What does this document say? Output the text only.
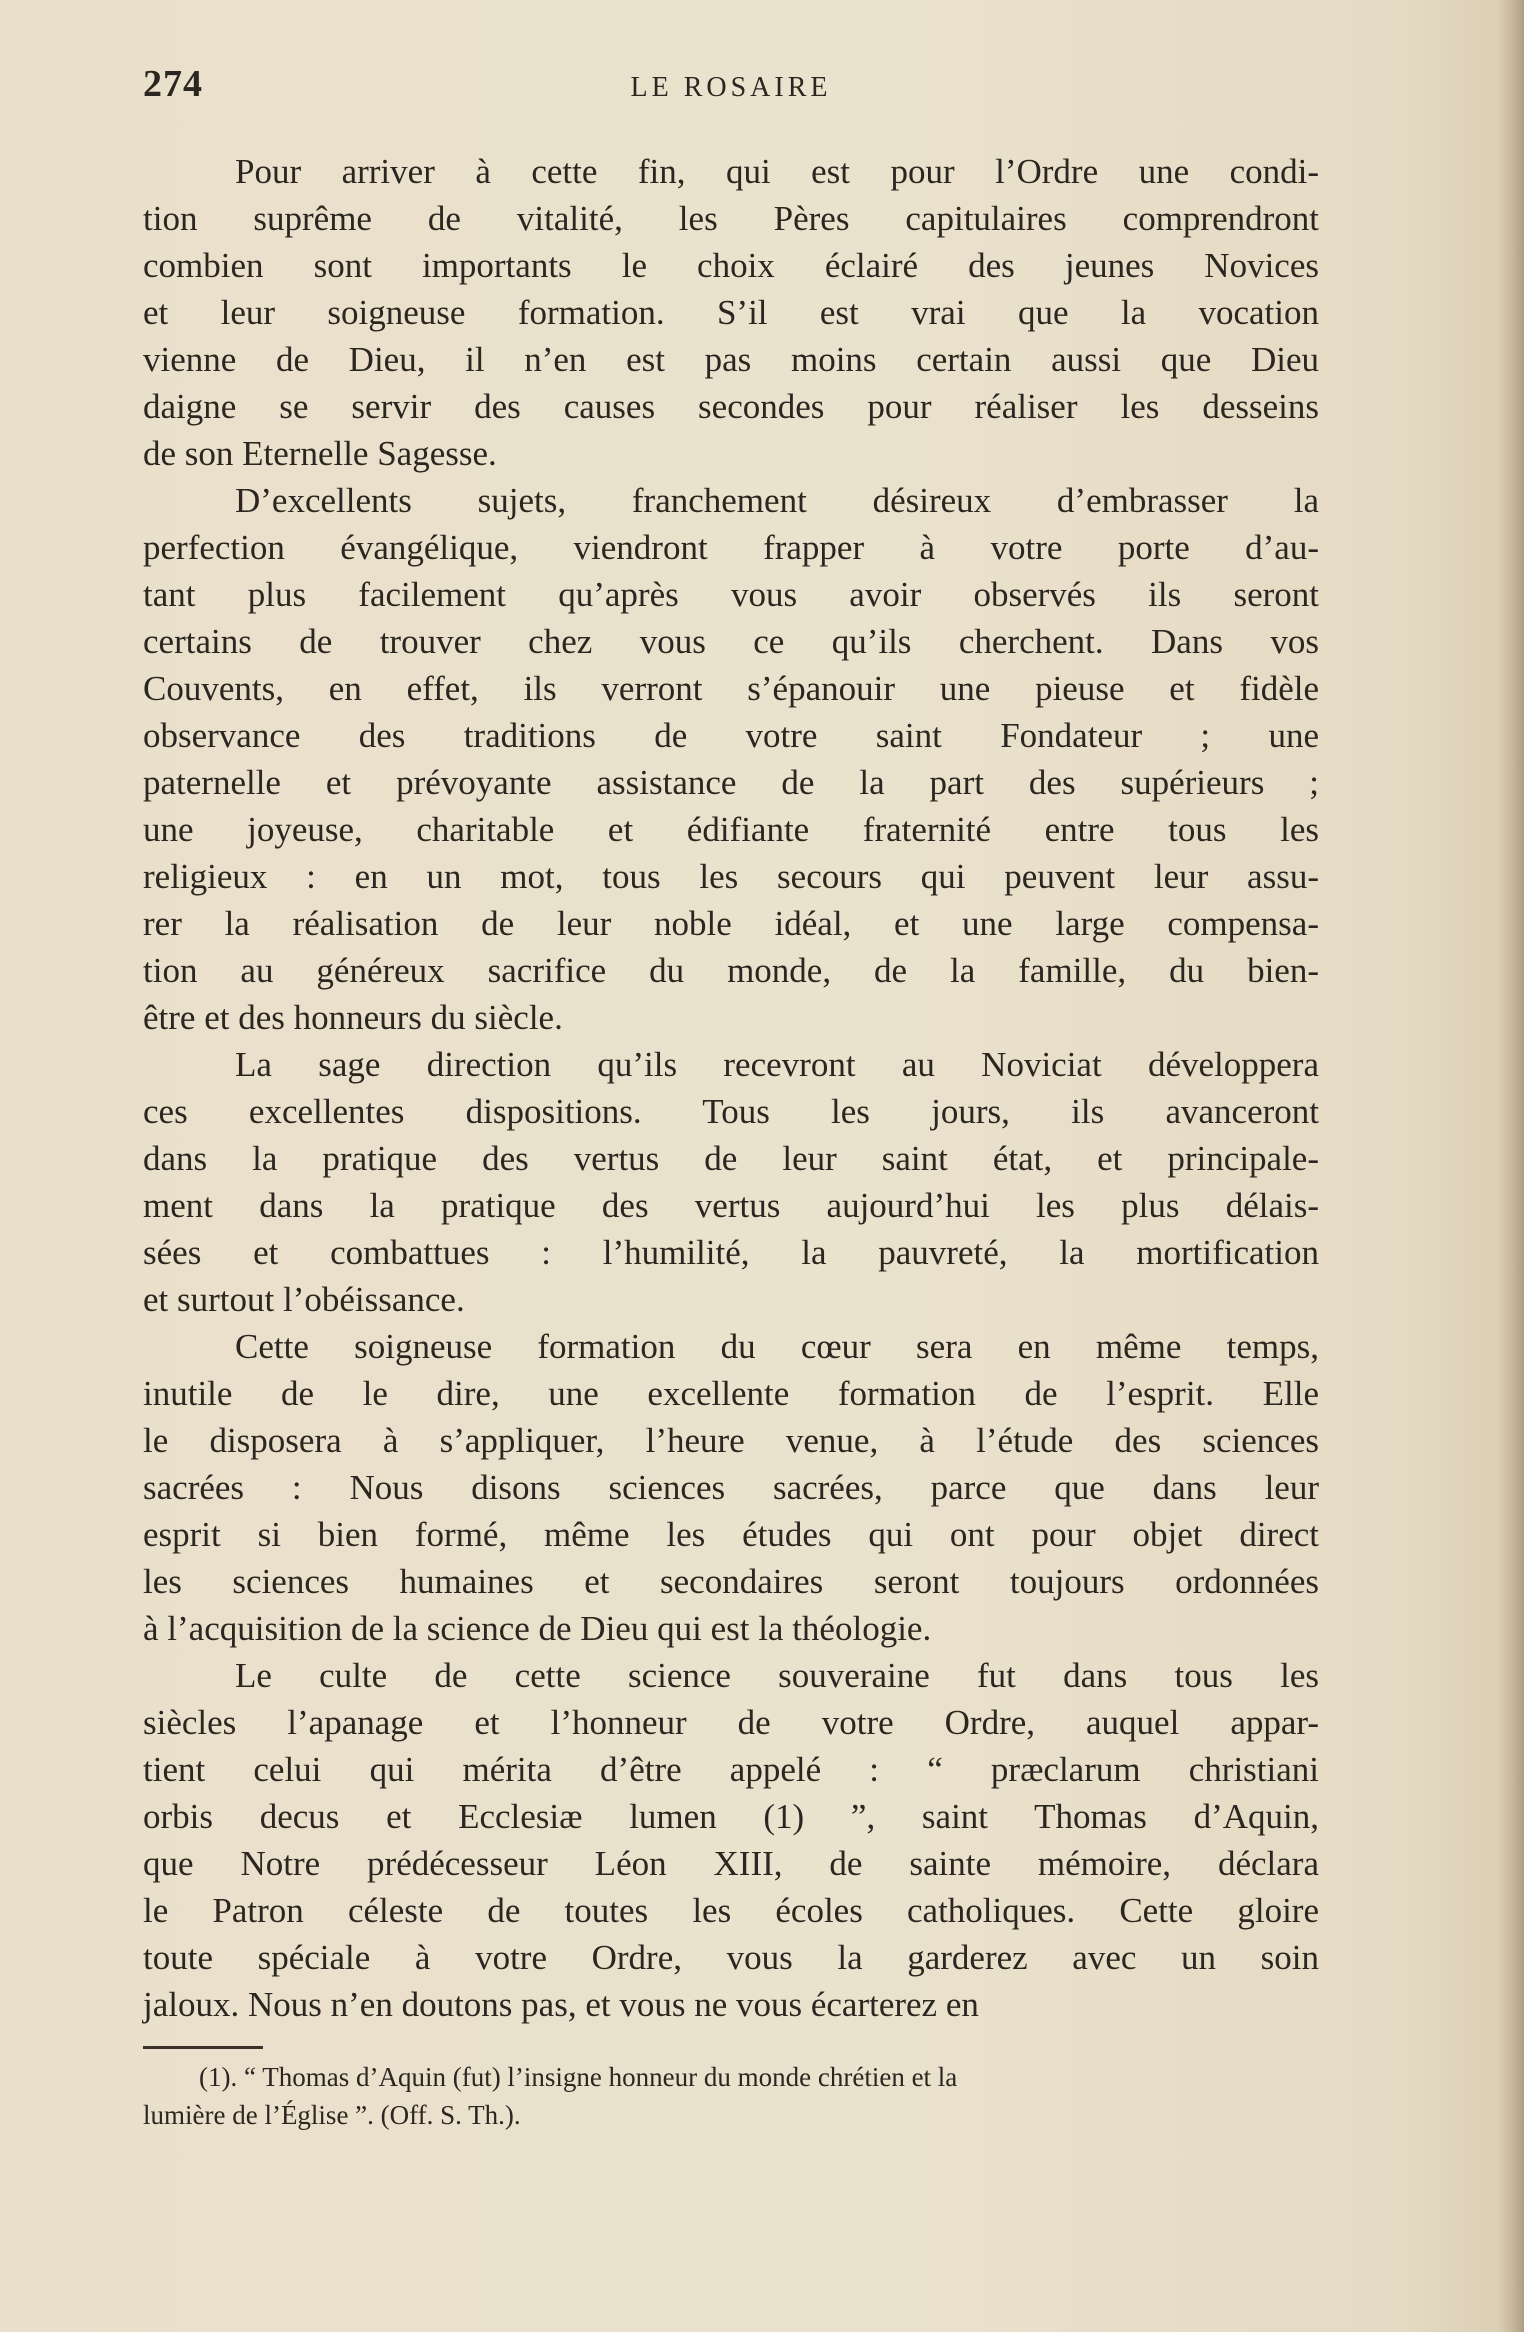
274	LE ROSAIRE
Pour arriver à cette fin, qui est pour l’Ordre une condi-
tion suprême de vitalité, les Pères capitulaires comprendront
combien sont importants le choix éclairé des jeunes Novices
et leur soigneuse formation. S’il est vrai que la vocation
vienne de Dieu, il n’en est pas moins certain aussi que Dieu
daigne se servir des causes secondes pour réaliser les desseins
de son Eternelle Sagesse.
D’excellents sujets, franchement désireux d’embrasser la
perfection évangélique, viendront frapper à votre porte d’au-
tant plus facilement qu’après vous avoir observés ils seront
certains de trouver chez vous ce qu’ils cherchent. Dans vos
Couvents, en effet, ils verront s’épanouir une pieuse et fidèle
observance des traditions de votre saint Fondateur ; une
paternelle et prévoyante assistance de la part des supérieurs ;
une joyeuse, charitable et édifiante fraternité entre tous les
religieux : en un mot, tous les secours qui peuvent leur assu-
rer la réalisation de leur noble idéal, et une large compensa-
tion au généreux sacrifice du monde, de la famille, du bien-
être et des honneurs du siècle.
La sage direction qu’ils recevront au Noviciat développera
ces excellentes dispositions. Tous les jours, ils avanceront
dans la pratique des vertus de leur saint état, et principale-
ment dans la pratique des vertus aujourd’hui les plus délais-
sées et combattues : l’humilité, la pauvreté, la mortification
et surtout l’obéissance.
Cette soigneuse formation du cœur sera en même temps,
inutile de le dire, une excellente formation de l’esprit. Elle
le disposera à s’appliquer, l’heure venue, à l’étude des sciences
sacrées : Nous disons sciences sacrées, parce que dans leur
esprit si bien formé, même les études qui ont pour objet direct
les sciences humaines et secondaires seront toujours ordonnées
à l’acquisition de la science de Dieu qui est la théologie.
Le culte de cette science souveraine fut dans tous les
siècles l’apanage et l’honneur de votre Ordre, auquel appar-
tient celui qui mérita d’être appelé : “ præclarum christiani
orbis decus et Ecclesiæ lumen (1) ”, saint Thomas d’Aquin,
que Notre prédécesseur Léon XIII, de sainte mémoire, déclara
le Patron céleste de toutes les écoles catholiques. Cette gloire
toute spéciale à votre Ordre, vous la garderez avec un soin
jaloux. Nous n’en doutons pas, et vous ne vous écarterez en
(1). “ Thomas d’Aquin (fut) l’insigne honneur du monde chrétien et la
lumière de l’Église ”. (Off. S. Th.).
